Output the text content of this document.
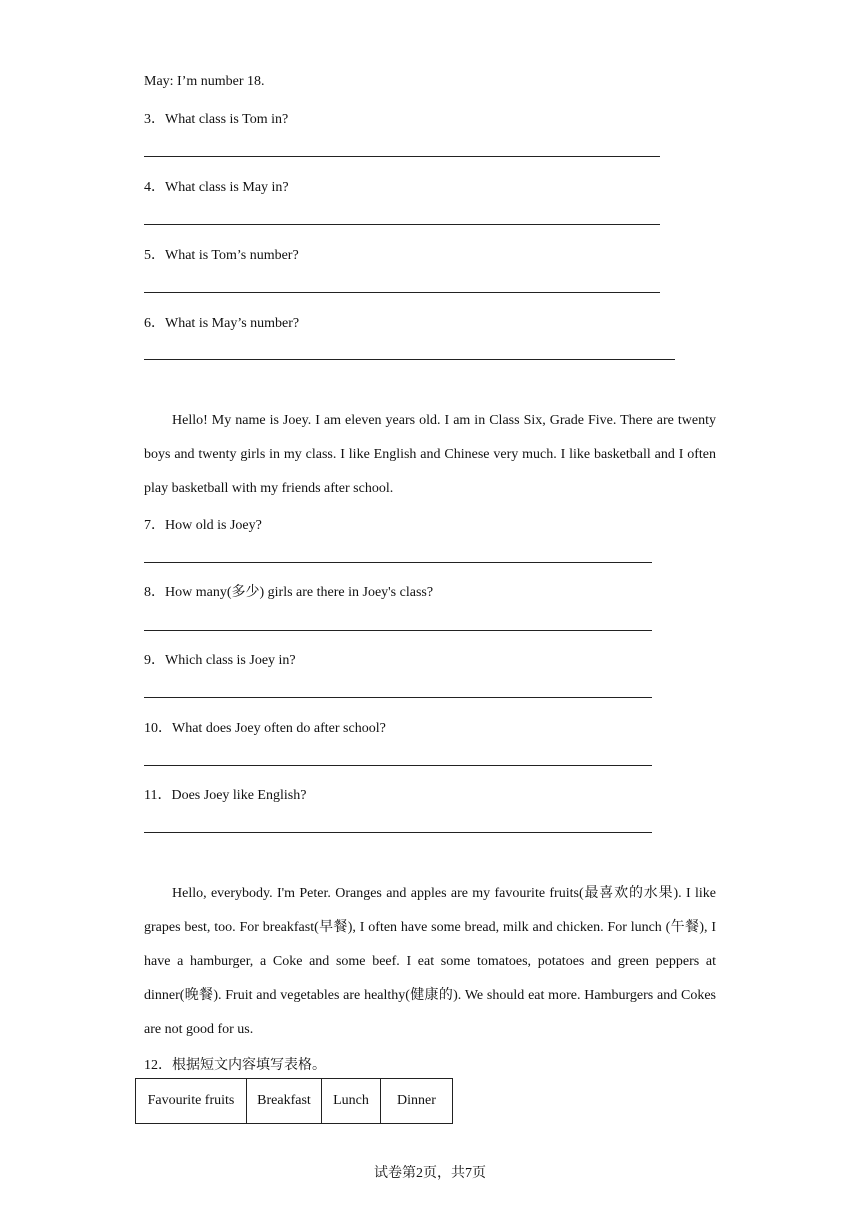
May: I’m number 18.
3．What class is Tom in?
4．What class is May in?
5．What is Tom’s number?
6．What is May’s number?

Hello! My name is Joey. I am eleven years old. I am in Class Six, Grade Five. There are twenty boys and twenty girls in my class. I like English and Chinese very much. I like basketball and I often play basketball with my friends after school.

7．How old is Joey?
8．How many(多少) girls are there in Joey's class?
9．Which class is Joey in?
10．What does Joey often do after school?
11．Does Joey like English?

Hello, everybody. I'm Peter. Oranges and apples are my favourite fruits(最喜欢的水果). I like grapes best, too. For breakfast(早餐), I often have some bread, milk and chicken. For lunch (午餐), I have a hamburger, a Coke and some beef. I eat some tomatoes, potatoes and green peppers at dinner(晚餐). Fruit and vegetables are healthy(健康的). We should eat more. Hamburgers and Cokes are not good for us.

12．根据短文内容填写表格。
Favourite fruits	Breakfast	Lunch	Dinner
试卷第2页，共7页
